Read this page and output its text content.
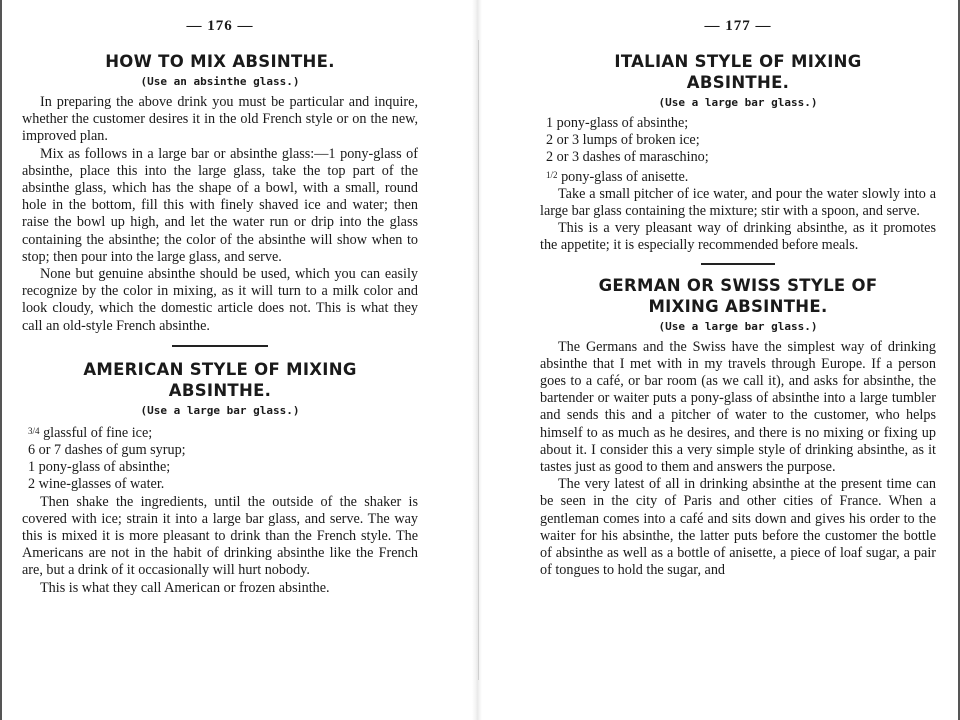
— 176 —
HOW TO MIX ABSINTHE.
(Use an absinthe glass.)

In preparing the above drink you must be particular and inquire, whether the customer desires it in the old French style or on the new, improved plan.

Mix as follows in a large bar or absinthe glass:—1 pony-glass of absinthe, place this into the large glass, take the top part of the absinthe glass, which has the shape of a bowl, with a small, round hole in the bottom, fill this with finely shaved ice and water; then raise the bowl up high, and let the water run or drip into the glass containing the absinthe; the color of the absinthe will show when to stop; then pour into the large glass, and serve.

None but genuine absinthe should be used, which you can easily recognize by the color in mixing, as it will turn to a milk color and look cloudy, which the domestic article does not. This is what they call an old-style French absinthe.

AMERICAN STYLE OF MIXING
ABSINTHE.
(Use a large bar glass.)
$^{3/4}$ glassful of fine ice;
6 or 7 dashes of gum syrup;
1 pony-glass of absinthe;
2 wine-glasses of water.

Then shake the ingredients, until the outside of the shaker is covered with ice; strain it into a large bar glass, and serve. The way this is mixed it is more pleasant to drink than the French style. The Americans are not in the habit of drinking absinthe like the French are, but a drink of it occasionally will hurt nobody.

This is what they call American or frozen absinthe.

— 177 —
ITALIAN STYLE OF MIXING
ABSINTHE.
(Use a large bar glass.)
1 pony-glass of absinthe;
2 or 3 lumps of broken ice;
2 or 3 dashes of maraschino;
$^{1/2}$ pony-glass of anisette.

Take a small pitcher of ice water, and pour the water slowly into a large bar glass containing the mixture; stir with a spoon, and serve.

This is a very pleasant way of drinking absinthe, as it promotes the appetite; it is especially recommended before meals.

GERMAN OR SWISS STYLE OF
MIXING ABSINTHE.
(Use a large bar glass.)

The Germans and the Swiss have the simplest way of drinking absinthe that I met with in my travels through Europe. If a person goes to a café, or bar room (as we call it), and asks for absinthe, the bartender or waiter puts a pony-glass of absinthe into a large tumbler and sends this and a pitcher of water to the customer, who helps himself to as much as he desires, and there is no mixing or fixing up about it. I consider this a very simple style of drinking absinthe, as it tastes just as good to them and answers the purpose.

The very latest of all in drinking absinthe at the present time can be seen in the city of Paris and other cities of France. When a gentleman comes into a café and sits down and gives his order to the waiter for his absinthe, the latter puts before the customer the bottle of absinthe as well as a bottle of anisette, a piece of loaf sugar, a pair of tongues to hold the sugar, and
